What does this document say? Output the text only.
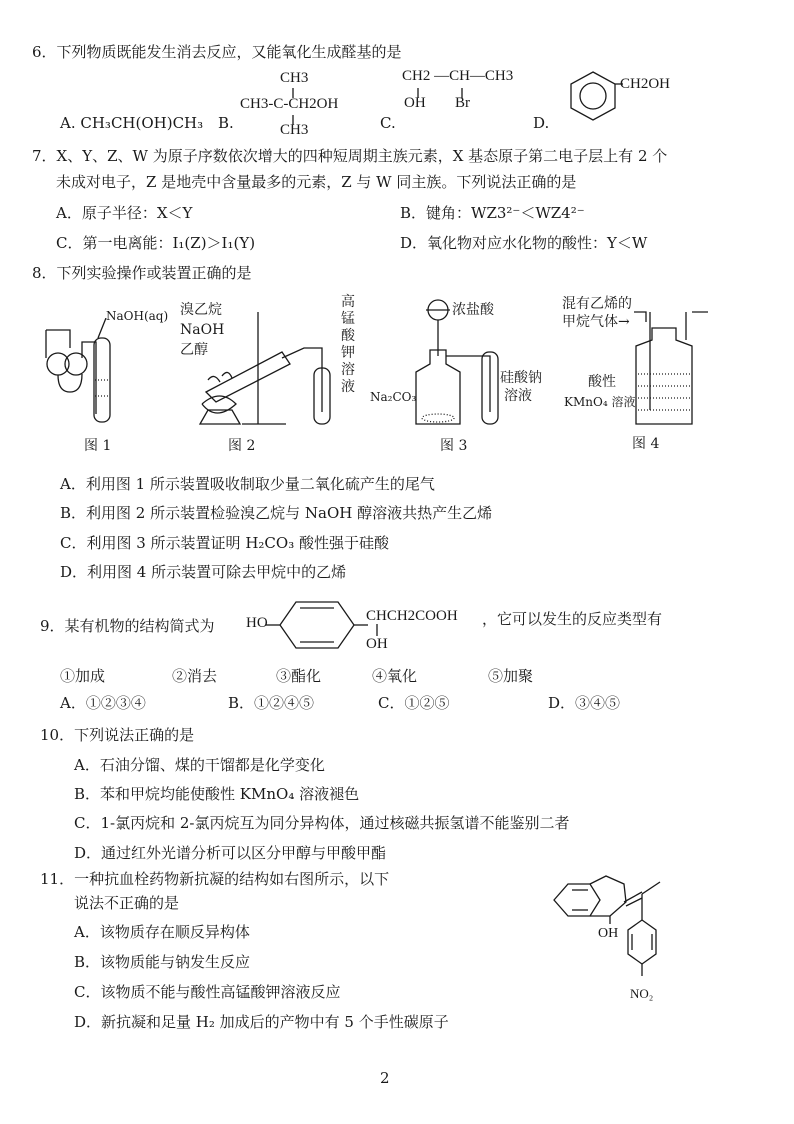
6．下列物质既能发生消去反应，又能氧化生成醛基的是
A. CH₃CH(OH)CH₃ B.
CH3
CH3-C-CH2OH
CH3	C.
CH2 —CH—CH3
OH Br
D.
CH2OH
7．X、Y、Z、W 为原子序数依次增大的四种短周期主族元素，X 基态原子第二电子层上有 2 个
未成对电子，Z 是地壳中含量最多的元素，Z 与 W 同主族。下列说法正确的是
A．原子半径：X＜Y	B．键角：WZ3²⁻＜WZ4²⁻
C．第一电离能：I₁(Z)＞I₁(Y)	D．氧化物对应水化物的酸性：Y＜W
8．下列实验操作或装置正确的是
NaOH(aq)
图 1
溴乙烷
NaOH
乙醇
高锰酸钾溶液
图 2
浓盐酸
Na₂CO₃
硅酸钠
溶液
图 3
混有乙烯的
甲烷气体→
酸性
KMnO₄ 溶液
图 4
A．利用图 1 所示装置吸收制取少量二氧化硫产生的尾气
B．利用图 2 所示装置检验溴乙烷与 NaOH 醇溶液共热产生乙烯
C．利用图 3 所示装置证明 H₂CO₃ 酸性强于硅酸
D．利用图 4 所示装置可除去甲烷中的乙烯
9．某有机物的结构简式为 HO	CHCH2COOH
OH
，它可以发生的反应类型有
①加成	②消去	③酯化	④氧化	⑤加聚
A．①②③④	B．①②④⑤	C．①②⑤	D．③④⑤
10．下列说法正确的是
A．石油分馏、煤的干馏都是化学变化
B．苯和甲烷均能使酸性 KMnO₄ 溶液褪色
C．1-氯丙烷和 2-氯丙烷互为同分异构体，通过核磁共振氢谱不能鉴别二者
D．通过红外光谱分析可以区分甲醇与甲酸甲酯
11．一种抗血栓药物新抗凝的结构如右图所示，以下
说法不正确的是
A．该物质存在顺反异构体
B．该物质能与钠发生反应
C．该物质不能与酸性高锰酸钾溶液反应
D．新抗凝和足量 H₂ 加成后的产物中有 5 个手性碳原子
OH
NO₂
2
